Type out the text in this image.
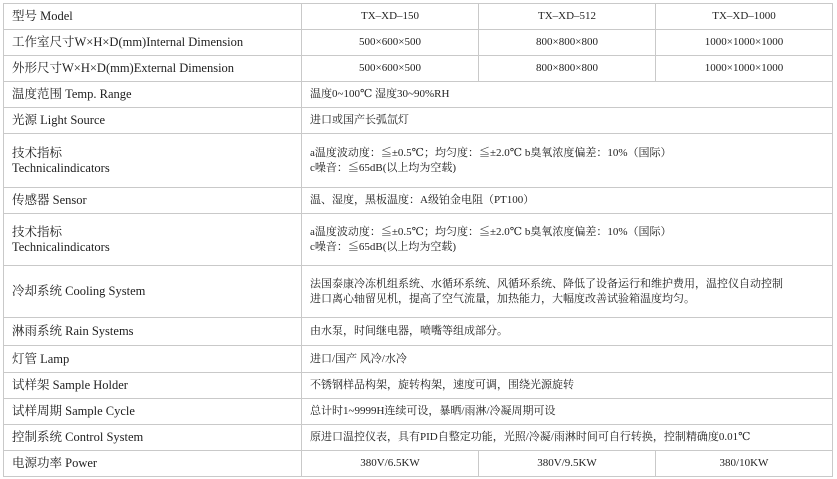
型号 Model	TX–XD–150	TX–XD–512	TX–XD–1000
工作室尺寸W×H×D(mm)Internal Dimension	500×600×500	800×800×800	1000×1000×1000
外形尺寸W×H×D(mm)External Dimension	500×600×500	800×800×800	1000×1000×1000
温度范围 Temp. Range	温度0~100℃ 湿度30~90%RH		
光源 Light Source	进口或国产长弧氙灯		

技术指标
Technicalindicators	a温度波动度：≦±0.5℃；均匀度：≦±2.0℃ b臭氧浓度偏差：10%（国际）
c噪音：≦65dB(以上均为空载)		

传感器 Sensor	温、湿度，黑板温度：A级铂金电阻（PT100）		

技术指标
Technicalindicators	a温度波动度：≦±0.5℃；均匀度：≦±2.0℃ b臭氧浓度偏差：10%（国际）
c噪音：≦65dB(以上均为空载)		

冷却系统 Cooling System	法国泰康冷冻机组系统、水循环系统、风循环系统、降低了设备运行和维护费用，温控仪自动控制
进口离心轴留见机，提高了空气流量，加热能力，大幅度改善试验箱温度均匀。		

淋雨系统 Rain Systems	由水泵，时间继电器，喷嘴等组成部分。		
灯管 Lamp	进口/国产 风冷/水冷		
试样架 Sample Holder	不锈钢样品构架，旋转构架，速度可调，围绕光源旋转		
试样周期 Sample Cycle	总计时1~9999H连续可设，暴晒/雨淋/冷凝周期可设		
控制系统 Control System	原进口温控仪表，具有PID自整定功能，光照/冷凝/雨淋时间可自行转换，控制精确度0.01℃		
电源功率 Power	380V/6.5KW	380V/9.5KW	380/10KW
